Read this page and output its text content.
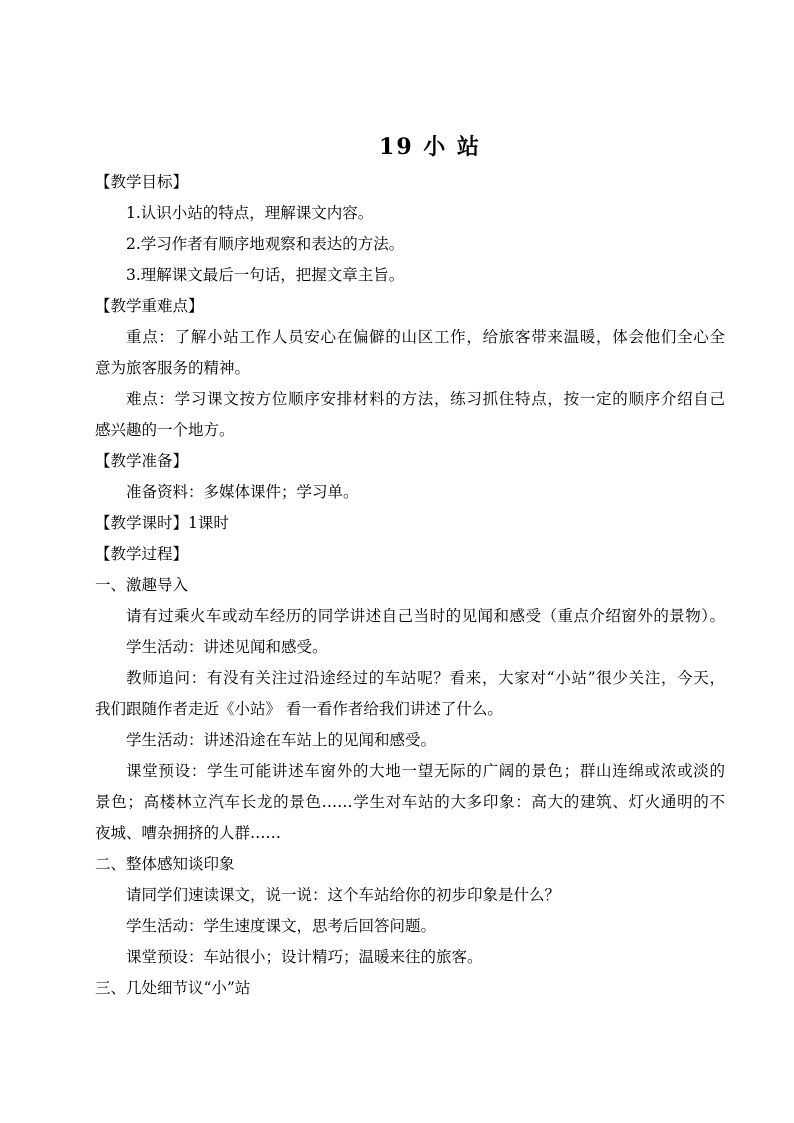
19 小 站
【教学目标】
1.认识小站的特点，理解课文内容。
2.学习作者有顺序地观察和表达的方法。
3.理解课文最后一句话，把握文章主旨。
【教学重难点】
重点：了解小站工作人员安心在偏僻的山区工作，给旅客带来温暖，体会他们全心全
意为旅客服务的精神。
难点：学习课文按方位顺序安排材料的方法，练习抓住特点，按一定的顺序介绍自己
感兴趣的一个地方。
【教学准备】
准备资料：多媒体课件；学习单。
【教学课时】1课时
【教学过程】
一、激趣导入
请有过乘火车或动车经历的同学讲述自己当时的见闻和感受（重点介绍窗外的景物）。
学生活动：讲述见闻和感受。
教师追问：有没有关注过沿途经过的车站呢？看来，大家对“小站”很少关注，今天，
我们跟随作者走近《小站》 看一看作者给我们讲述了什么。
学生活动：讲述沿途在车站上的见闻和感受。
课堂预设：学生可能讲述车窗外的大地一望无际的广阔的景色；群山连绵或浓或淡的
景色；高楼林立汽车长龙的景色……学生对车站的大多印象：高大的建筑、灯火通明的不
夜城、嘈杂拥挤的人群……
二、整体感知谈印象
请同学们速读课文，说一说：这个车站给你的初步印象是什么？
学生活动：学生速度课文，思考后回答问题。
课堂预设：车站很小；设计精巧；温暖来往的旅客。
三、几处细节议“小”站
